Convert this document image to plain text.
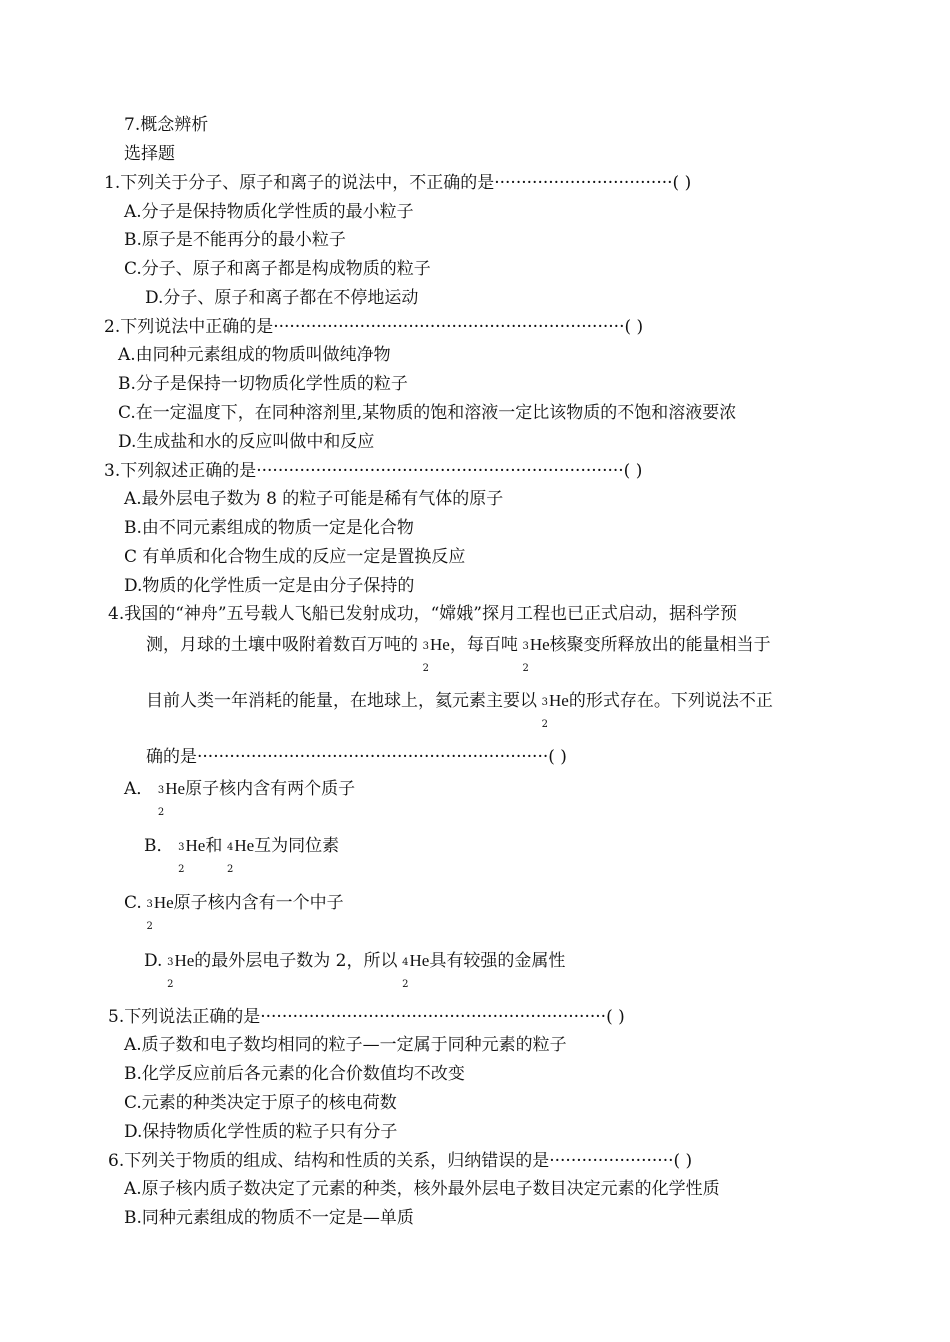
7.概念辨析
选择题
1.下列关于分子、原子和离子的说法中，不正确的是·································( )
A.分子是保持物质化学性质的最小粒子
B.原子是不能再分的最小粒子
C.分子、原子和离子都是构成物质的粒子
D.分子、原子和离子都在不停地运动
2.下列说法中正确的是·································································( )
A.由同种元素组成的物质叫做纯净物
B.分子是保持一切物质化学性质的粒子
C.在一定温度下，在同种溶剂里,某物质的饱和溶液一定比该物质的不饱和溶液要浓
D.生成盐和水的反应叫做中和反应
3.下列叙述正确的是····································································( )
A.最外层电子数为 8 的粒子可能是稀有气体的原子
B.由不同元素组成的物质一定是化合物
C 有单质和化合物生成的反应一定是置换反应
D.物质的化学性质一定是由分子保持的
4.我国的“神舟”五号载人飞船已发射成功，“嫦娥”探月工程也已正式启动，据科学预
测，月球的土壤中吸附着数百万吨的 3
2
He，每百吨 3
2
He核聚变所释放出的能量相当于
目前人类一年消耗的能量，在地球上，氦元素主要以 3
2
He的形式存在。下列说法不正
确的是·································································( )
A． 3
2
He原子核内含有两个质子
B． 3
2
He和 4
2
He互为同位素
C. 3
2
He原子核内含有一个中子
D. 3
2
He的最外层电子数为 2，所以 4
2
He具有较强的金属性
5.下列说法正确的是································································( )
A.质子数和电子数均相同的粒子—一定属于同种元素的粒子
B.化学反应前后各元素的化合价数值均不改变
C.元素的种类决定于原子的核电荷数
D.保持物质化学性质的粒子只有分子
6.下列关于物质的组成、结构和性质的关系，归纳错误的是·······················( )
A.原子核内质子数决定了元素的种类，核外最外层电子数目决定元素的化学性质
B.同种元素组成的物质不一定是—单质
